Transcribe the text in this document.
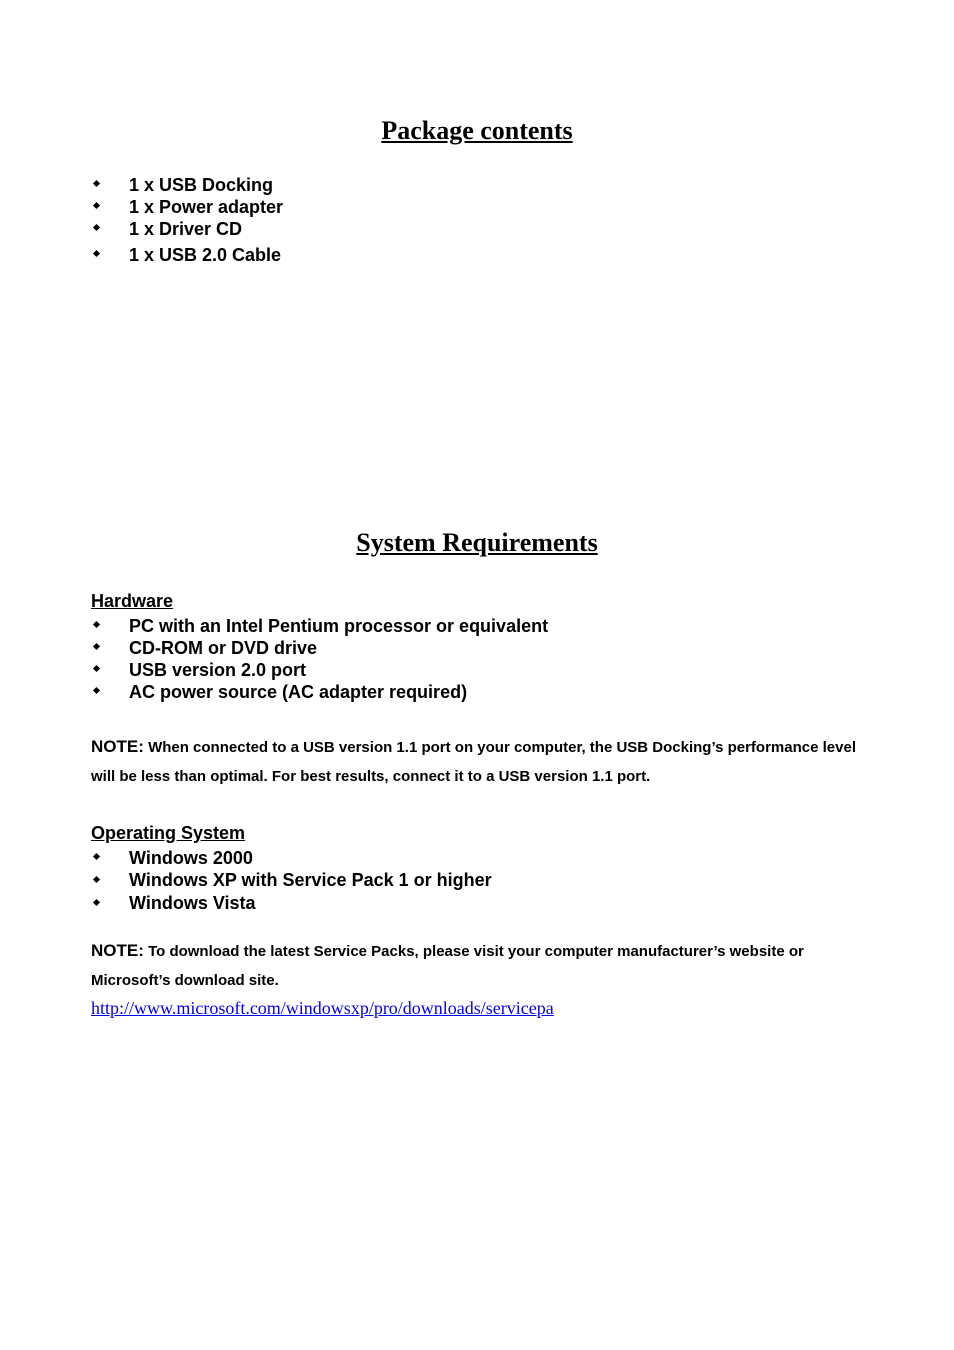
Package contents
1 x USB Docking
1 x Power adapter
1 x Driver CD
1 x USB 2.0 Cable
System Requirements
Hardware
PC with an Intel Pentium processor or equivalent
CD-ROM or DVD drive
USB version 2.0 port
AC power source (AC adapter required)

NOTE: When connected to a USB version 1.1 port on your computer, the USB Docking’s performance level will be less than optimal. For best results, connect it to a USB version 1.1 port.

Operating System
Windows 2000
Windows XP with Service Pack 1 or higher
Windows Vista

NOTE: To download the latest Service Packs, please visit your computer manufacturer’s website or Microsoft’s download site.

http://www.microsoft.com/windowsxp/pro/downloads/servicepa
